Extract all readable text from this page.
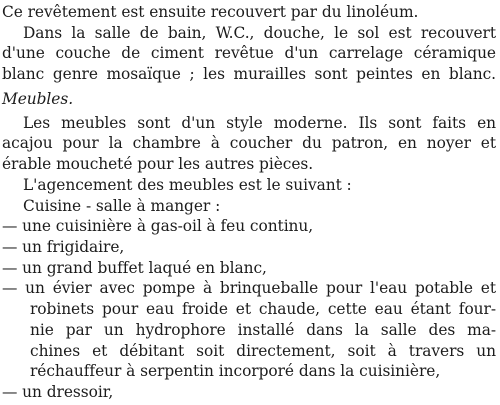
Ce revêtement est ensuite recouvert par du linoléum.
Dans la salle de bain, W.C., douche, le sol est recouvert
d'une couche de ciment revêtue d'un carrelage céramique
blanc genre mosaïque ; les murailles sont peintes en blanc.
Meubles.
Les meubles sont d'un style moderne. Ils sont faits en
acajou pour la chambre à coucher du patron, en noyer et
érable moucheté pour les autres pièces.
L'agencement des meubles est le suivant :
Cuisine - salle à manger :
— une cuisinière à gas-oil à feu continu,
— un frigidaire,
— un grand buffet laqué en blanc,
— un évier avec pompe à brinqueballe pour l'eau potable et
robinets pour eau froide et chaude, cette eau étant four-
nie par un hydrophore installé dans la salle des ma-
chines et débitant soit directement, soit à travers un
réchauffeur à serpentin incorporé dans la cuisinière,
— un dressoir,
